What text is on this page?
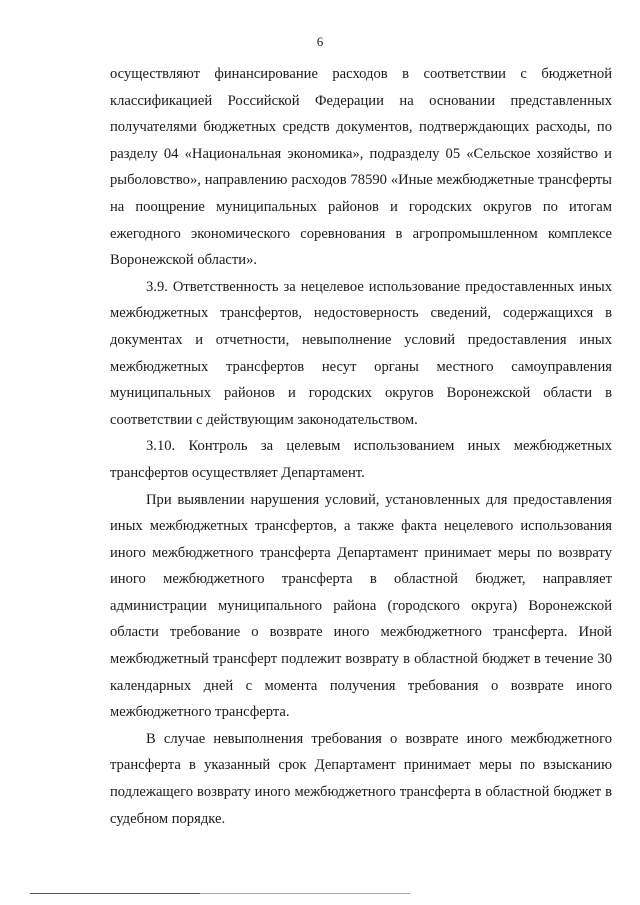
6

осуществляют финансирование расходов в соответствии с бюджетной классификацией Российской Федерации на основании представленных получателями бюджетных средств документов, подтверждающих расходы, по разделу 04 «Национальная экономика», подразделу 05 «Сельское хозяйство и рыболовство», направлению расходов 78590 «Иные межбюджетные трансферты на поощрение муниципальных районов и городских округов по итогам ежегодного экономического соревнования в агропромышленном комплексе Воронежской области».

3.9. Ответственность за нецелевое использование предоставленных иных межбюджетных трансфертов, недостоверность сведений, содержащихся в документах и отчетности, невыполнение условий предоставления иных межбюджетных трансфертов несут органы местного самоуправления муниципальных районов и городских округов Воронежской области в соответствии с действующим законодательством.

3.10. Контроль за целевым использованием иных межбюджетных трансфертов осуществляет Департамент.

При выявлении нарушения условий, установленных для предоставления иных межбюджетных трансфертов, а также факта нецелевого использования иного межбюджетного трансферта Департамент принимает меры по возврату иного межбюджетного трансферта в областной бюджет, направляет администрации муниципального района (городского округа) Воронежской области требование о возврате иного межбюджетного трансферта. Иной межбюджетный трансферт подлежит возврату в областной бюджет в течение 30 календарных дней с момента получения требования о возврате иного межбюджетного трансферта.

В случае невыполнения требования о возврате иного межбюджетного трансферта в указанный срок Департамент принимает меры по взысканию подлежащего возврату иного межбюджетного трансферта в областной бюджет в судебном порядке.
